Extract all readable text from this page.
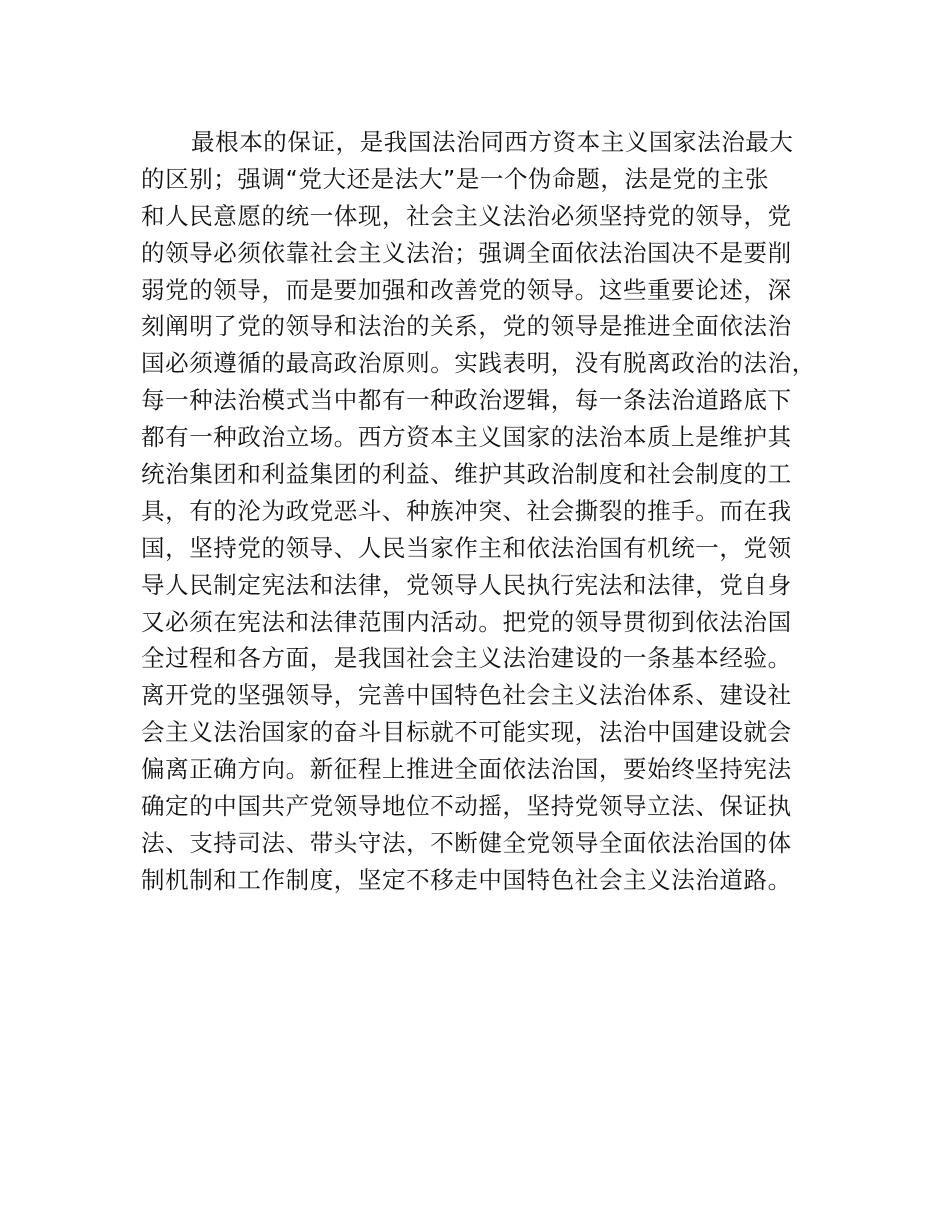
最根本的保证，是我国法治同西方资本主义国家法治最大
的区别；强调“党大还是法大”是一个伪命题，法是党的主张
和人民意愿的统一体现，社会主义法治必须坚持党的领导，党
的领导必须依靠社会主义法治；强调全面依法治国决不是要削
弱党的领导，而是要加强和改善党的领导。这些重要论述，深
刻阐明了党的领导和法治的关系，党的领导是推进全面依法治
国必须遵循的最高政治原则。实践表明，没有脱离政治的法治，
每一种法治模式当中都有一种政治逻辑，每一条法治道路底下
都有一种政治立场。西方资本主义国家的法治本质上是维护其
统治集团和利益集团的利益、维护其政治制度和社会制度的工
具，有的沦为政党恶斗、种族冲突、社会撕裂的推手。而在我
国，坚持党的领导、人民当家作主和依法治国有机统一，党领
导人民制定宪法和法律，党领导人民执行宪法和法律，党自身
又必须在宪法和法律范围内活动。把党的领导贯彻到依法治国
全过程和各方面，是我国社会主义法治建设的一条基本经验。
离开党的坚强领导，完善中国特色社会主义法治体系、建设社
会主义法治国家的奋斗目标就不可能实现，法治中国建设就会
偏离正确方向。新征程上推进全面依法治国，要始终坚持宪法
确定的中国共产党领导地位不动摇，坚持党领导立法、保证执
法、支持司法、带头守法，不断健全党领导全面依法治国的体
制机制和工作制度，坚定不移走中国特色社会主义法治道路。
